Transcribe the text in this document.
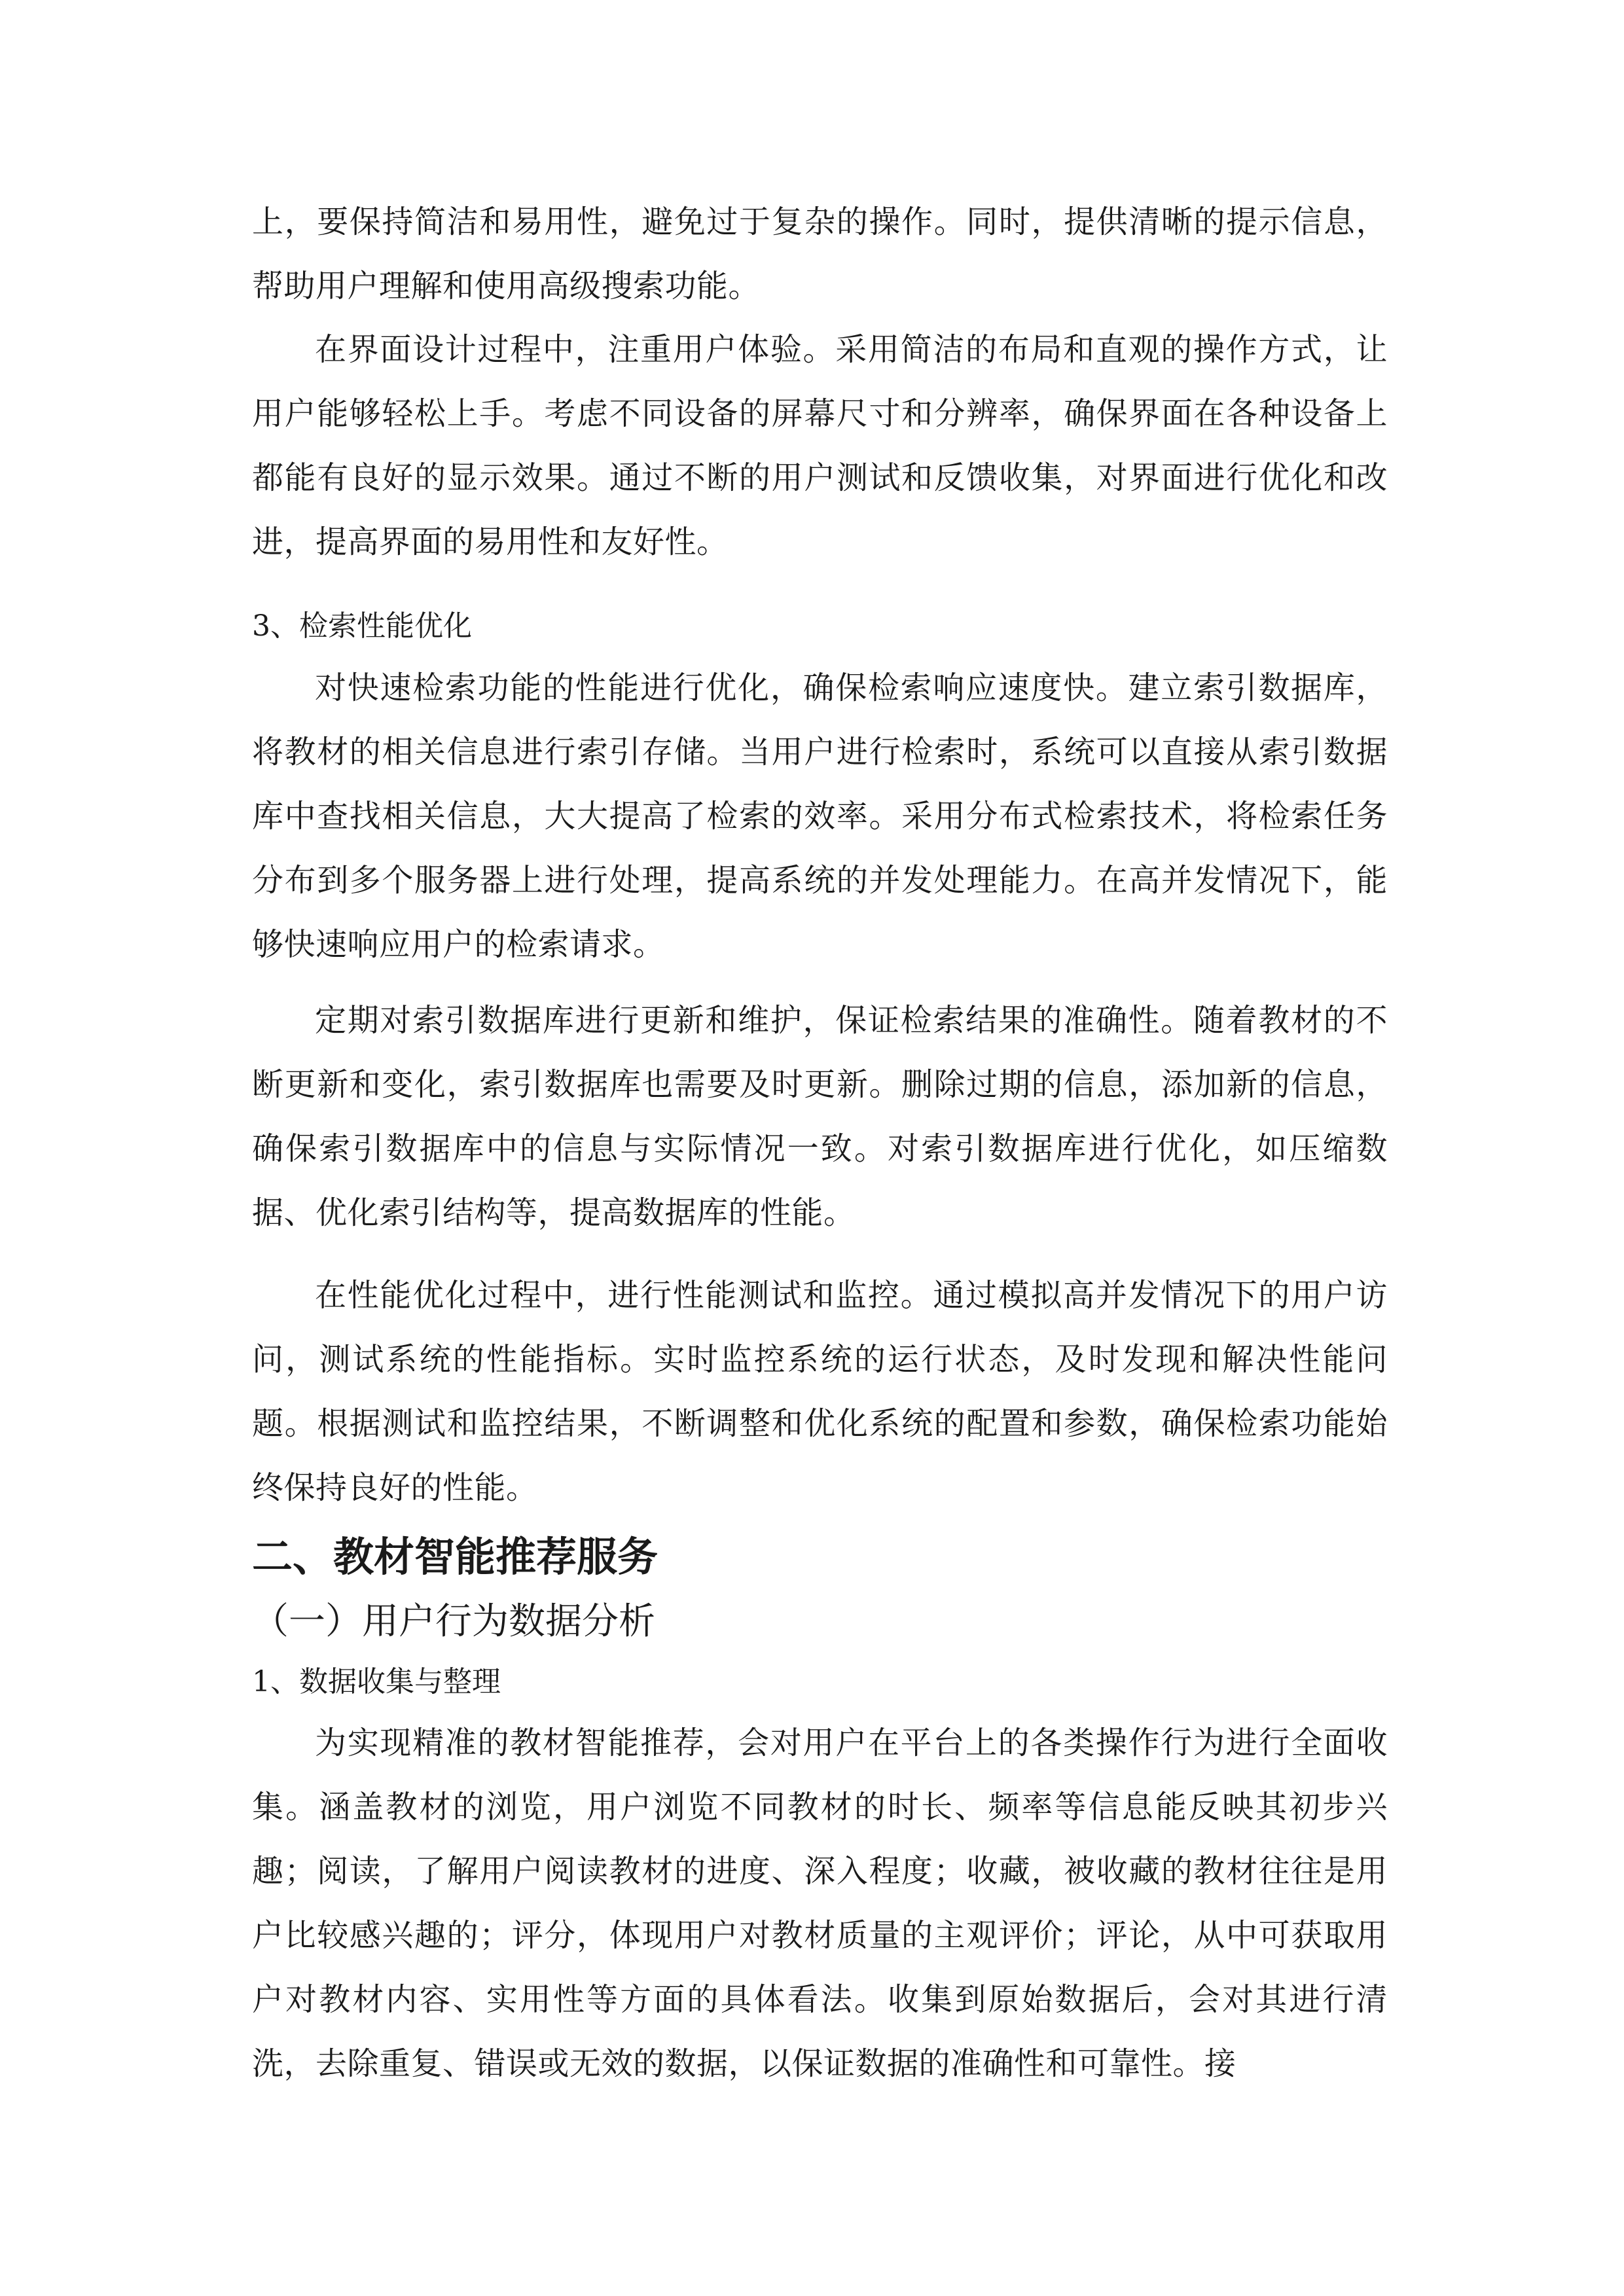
上，要保持简洁和易用性，避免过于复杂的操作。同时，提供清晰的提示信息，帮助用户理解和使用高级搜索功能。

在界面设计过程中，注重用户体验。采用简洁的布局和直观的操作方式，让用户能够轻松上手。考虑不同设备的屏幕尺寸和分辨率，确保界面在各种设备上都能有良好的显示效果。通过不断的用户测试和反馈收集，对界面进行优化和改进，提高界面的易用性和友好性。

3、检索性能优化

对快速检索功能的性能进行优化，确保检索响应速度快。建立索引数据库，将教材的相关信息进行索引存储。当用户进行检索时，系统可以直接从索引数据库中查找相关信息，大大提高了检索的效率。采用分布式检索技术，将检索任务分布到多个服务器上进行处理，提高系统的并发处理能力。在高并发情况下，能够快速响应用户的检索请求。

定期对索引数据库进行更新和维护，保证检索结果的准确性。随着教材的不断更新和变化，索引数据库也需要及时更新。删除过期的信息，添加新的信息，确保索引数据库中的信息与实际情况一致。对索引数据库进行优化，如压缩数据、优化索引结构等，提高数据库的性能。

在性能优化过程中，进行性能测试和监控。通过模拟高并发情况下的用户访问，测试系统的性能指标。实时监控系统的运行状态，及时发现和解决性能问题。根据测试和监控结果，不断调整和优化系统的配置和参数，确保检索功能始终保持良好的性能。

二、教材智能推荐服务
（一）用户行为数据分析
1、数据收集与整理

为实现精准的教材智能推荐，会对用户在平台上的各类操作行为进行全面收集。涵盖教材的浏览，用户浏览不同教材的时长、频率等信息能反映其初步兴趣；阅读，了解用户阅读教材的进度、深入程度；收藏，被收藏的教材往往是用户比较感兴趣的；评分，体现用户对教材质量的主观评价；评论，从中可获取用户对教材内容、实用性等方面的具体看法。收集到原始数据后，会对其进行清洗，去除重复、错误或无效的数据，以保证数据的准确性和可靠性。接
